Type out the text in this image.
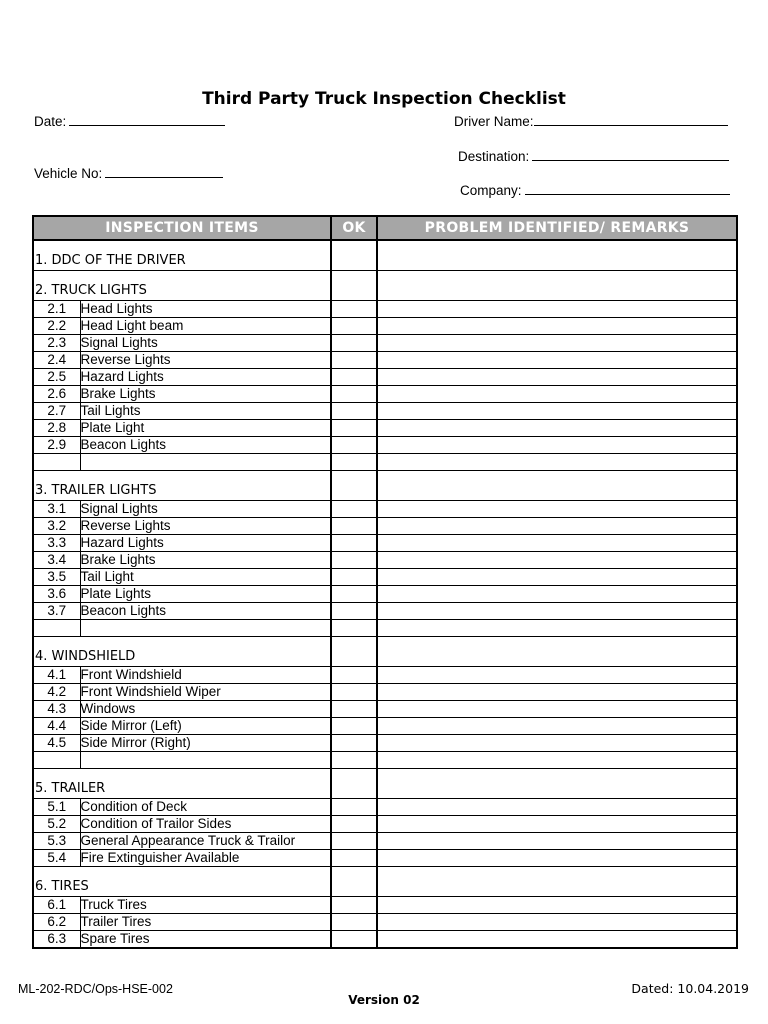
Third Party Truck Inspection Checklist
Date:	Driver Name:
Destination:
Vehicle No:
Company:
INSPECTION ITEMS		OK	PROBLEM IDENTIFIED/ REMARKS
1. DDC OF THE DRIVER			
2. TRUCK LIGHTS			
2.1	Head Lights		
2.2	Head Light beam		
2.3	Signal Lights		
2.4	Reverse Lights		
2.5	Hazard Lights		
2.6	Brake Lights		
2.7	Tail Lights		
2.8	Plate Light		
2.9	Beacon Lights		

3. TRAILER LIGHTS			
3.1	Signal Lights		
3.2	Reverse Lights		
3.3	Hazard Lights		
3.4	Brake Lights		
3.5	Tail Light		
3.6	Plate Lights		
3.7	Beacon Lights		

4. WINDSHIELD			
4.1	Front Windshield		
4.2	Front Windshield Wiper		
4.3	Windows		
4.4	Side Mirror (Left)		
4.5	Side Mirror (Right)		

5. TRAILER			
5.1	Condition of Deck		
5.2	Condition of Trailor Sides		
5.3	General Appearance Truck & Trailor		
5.4	Fire Extinguisher Available		
6. TIRES			
6.1	Truck Tires		
6.2	Trailer Tires		
6.3	Spare Tires		
ML-202-RDC/Ops-HSE-002	Dated: 10.04.2019
Version 02
